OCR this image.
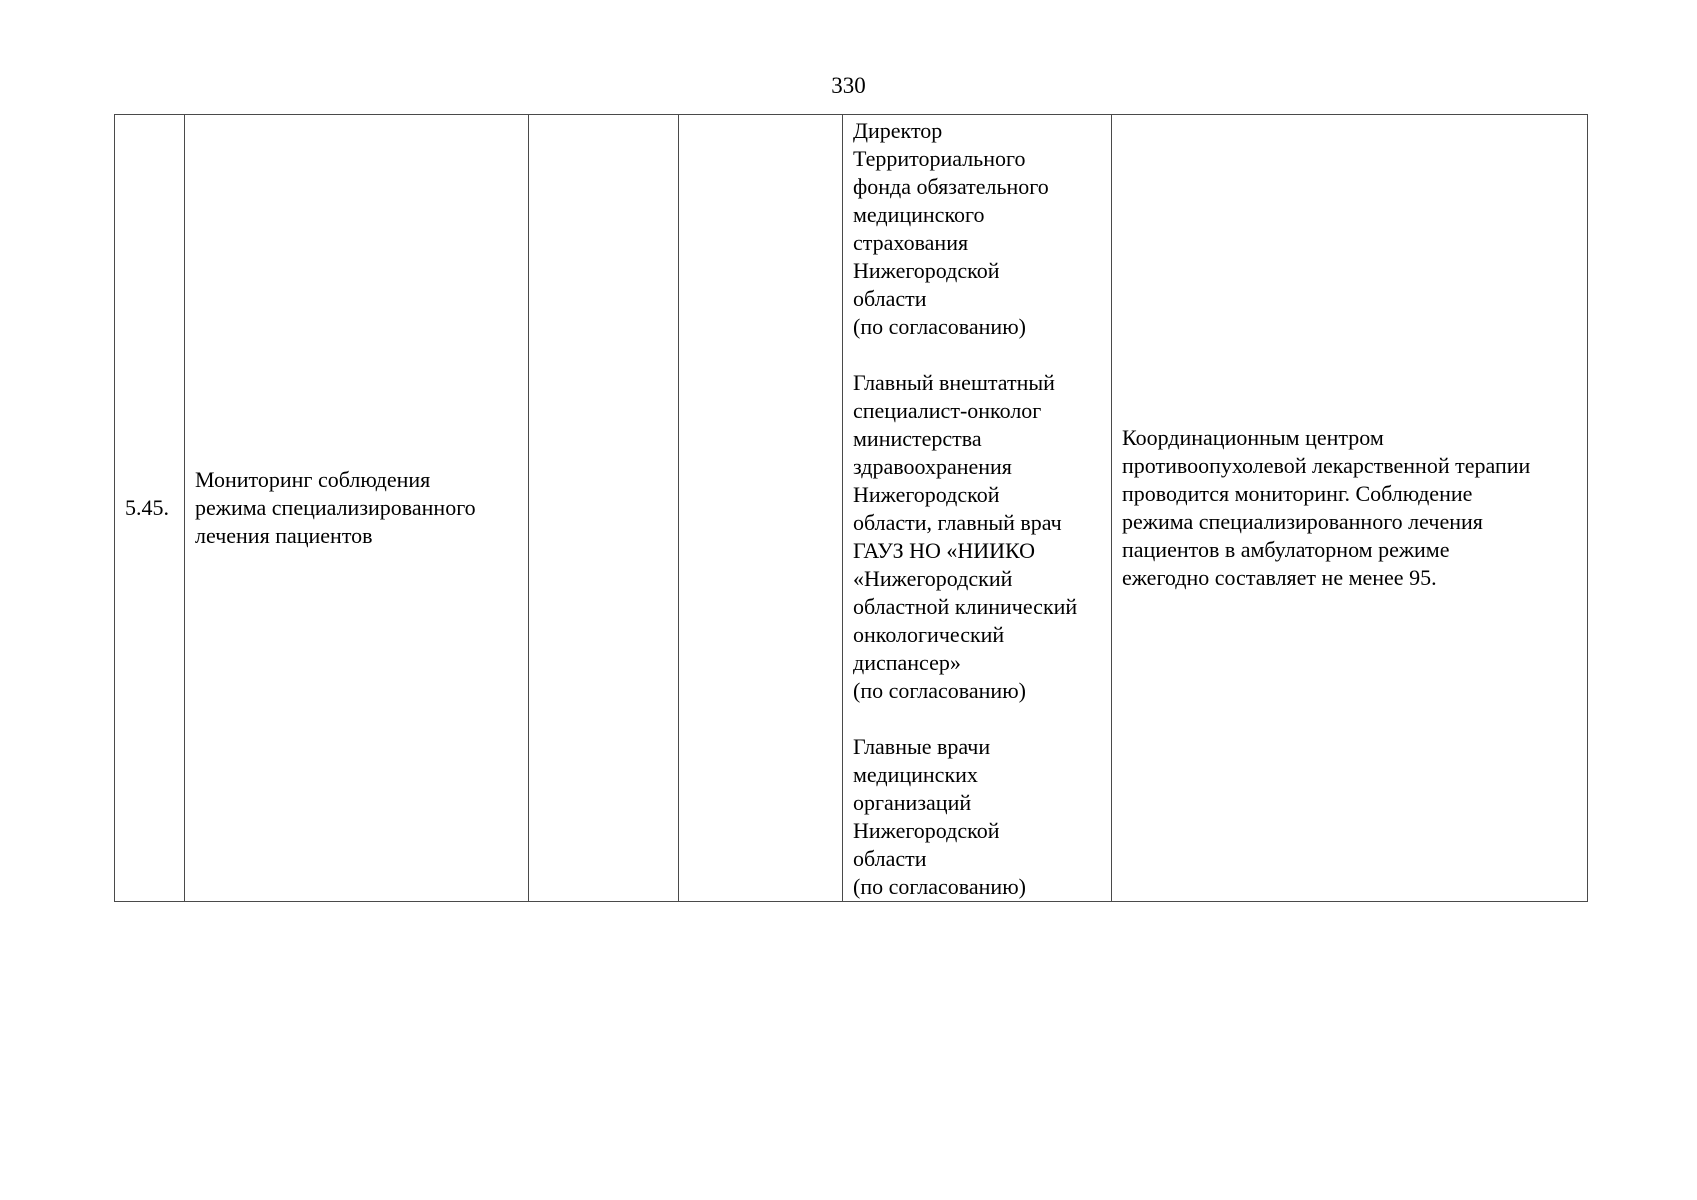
330
5.45.	Мониторинг соблюдения
режима специализированного
лечения пациентов			Директор
Территориального
фонда обязательного
медицинского
страхования
Нижегородской
области
(по согласованию)

Главный внештатный
специалист-онколог
министерства
здравоохранения
Нижегородской
области, главный врач
ГАУЗ НО «НИИКО
«Нижегородский
областной клинический
онкологический
диспансер»
(по согласованию)

Главные врачи
медицинских
организаций
Нижегородской
области
(по согласованию)	Координационным центром
противоопухолевой лекарственной терапии
проводится мониторинг. Соблюдение
режима специализированного лечения
пациентов в амбулаторном режиме
ежегодно составляет не менее 95.
